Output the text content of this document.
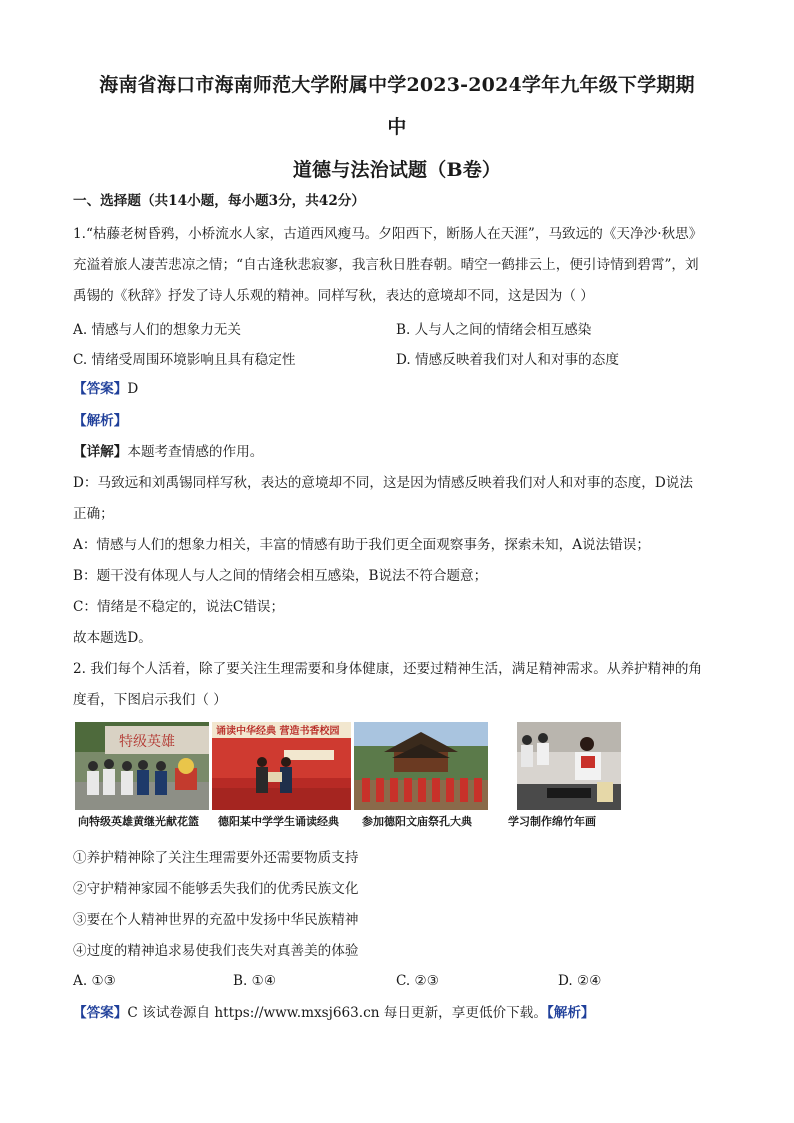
海南省海口市海南师范大学附属中学2023-2024学年九年级下学期期
中
道德与法治试题（B卷）
一、选择题（共14小题，每小题3分，共42分）
1.“枯藤老树昏鸦，小桥流水人家，古道西风瘦马。夕阳西下，断肠人在天涯”，马致远的《天净沙·秋思》
充溢着旅人凄苦悲凉之情；“自古逢秋悲寂寥，我言秋日胜春朝。晴空一鹤排云上，便引诗情到碧霄”，刘
禹锡的《秋辞》抒发了诗人乐观的精神。同样写秋，表达的意境却不同，这是因为（ ）
A. 情感与人们的想象力无关	B. 人与人之间的情绪会相互感染
C. 情绪受周围环境影响且具有稳定性	D. 情感反映着我们对人和对事的态度
【答案】D
【解析】
【详解】本题考查情感的作用。
D：马致远和刘禹锡同样写秋，表达的意境却不同，这是因为情感反映着我们对人和对事的态度，D说法
正确；
A：情感与人们的想象力相关，丰富的情感有助于我们更全面观察事务，探索未知，A说法错误；
B：题干没有体现人与人之间的情绪会相互感染，B说法不符合题意；
C：情绪是不稳定的，说法C错误；
故本题选D。
2. 我们每个人活着，除了要关注生理需要和身体健康，还要过精神生活，满足精神需求。从养护精神的角
度看，下图启示我们（ ）
特级英雄
诵读中华经典 营造书香校园
向特级英雄黄继光献花篮 德阳某中学学生诵读经典 参加德阳文庙祭孔大典	学习制作绵竹年画
①养护精神除了关注生理需要外还需要物质支持
②守护精神家园不能够丢失我们的优秀民族文化
③要在个人精神世界的充盈中发扬中华民族精神
④过度的精神追求易使我们丧失对真善美的体验
A. ①③	B. ①④	C. ②③	D. ②④
【答案】C 该试卷源自 https://www.mxsj663.cn 每日更新，享更低价下载。【解析】
